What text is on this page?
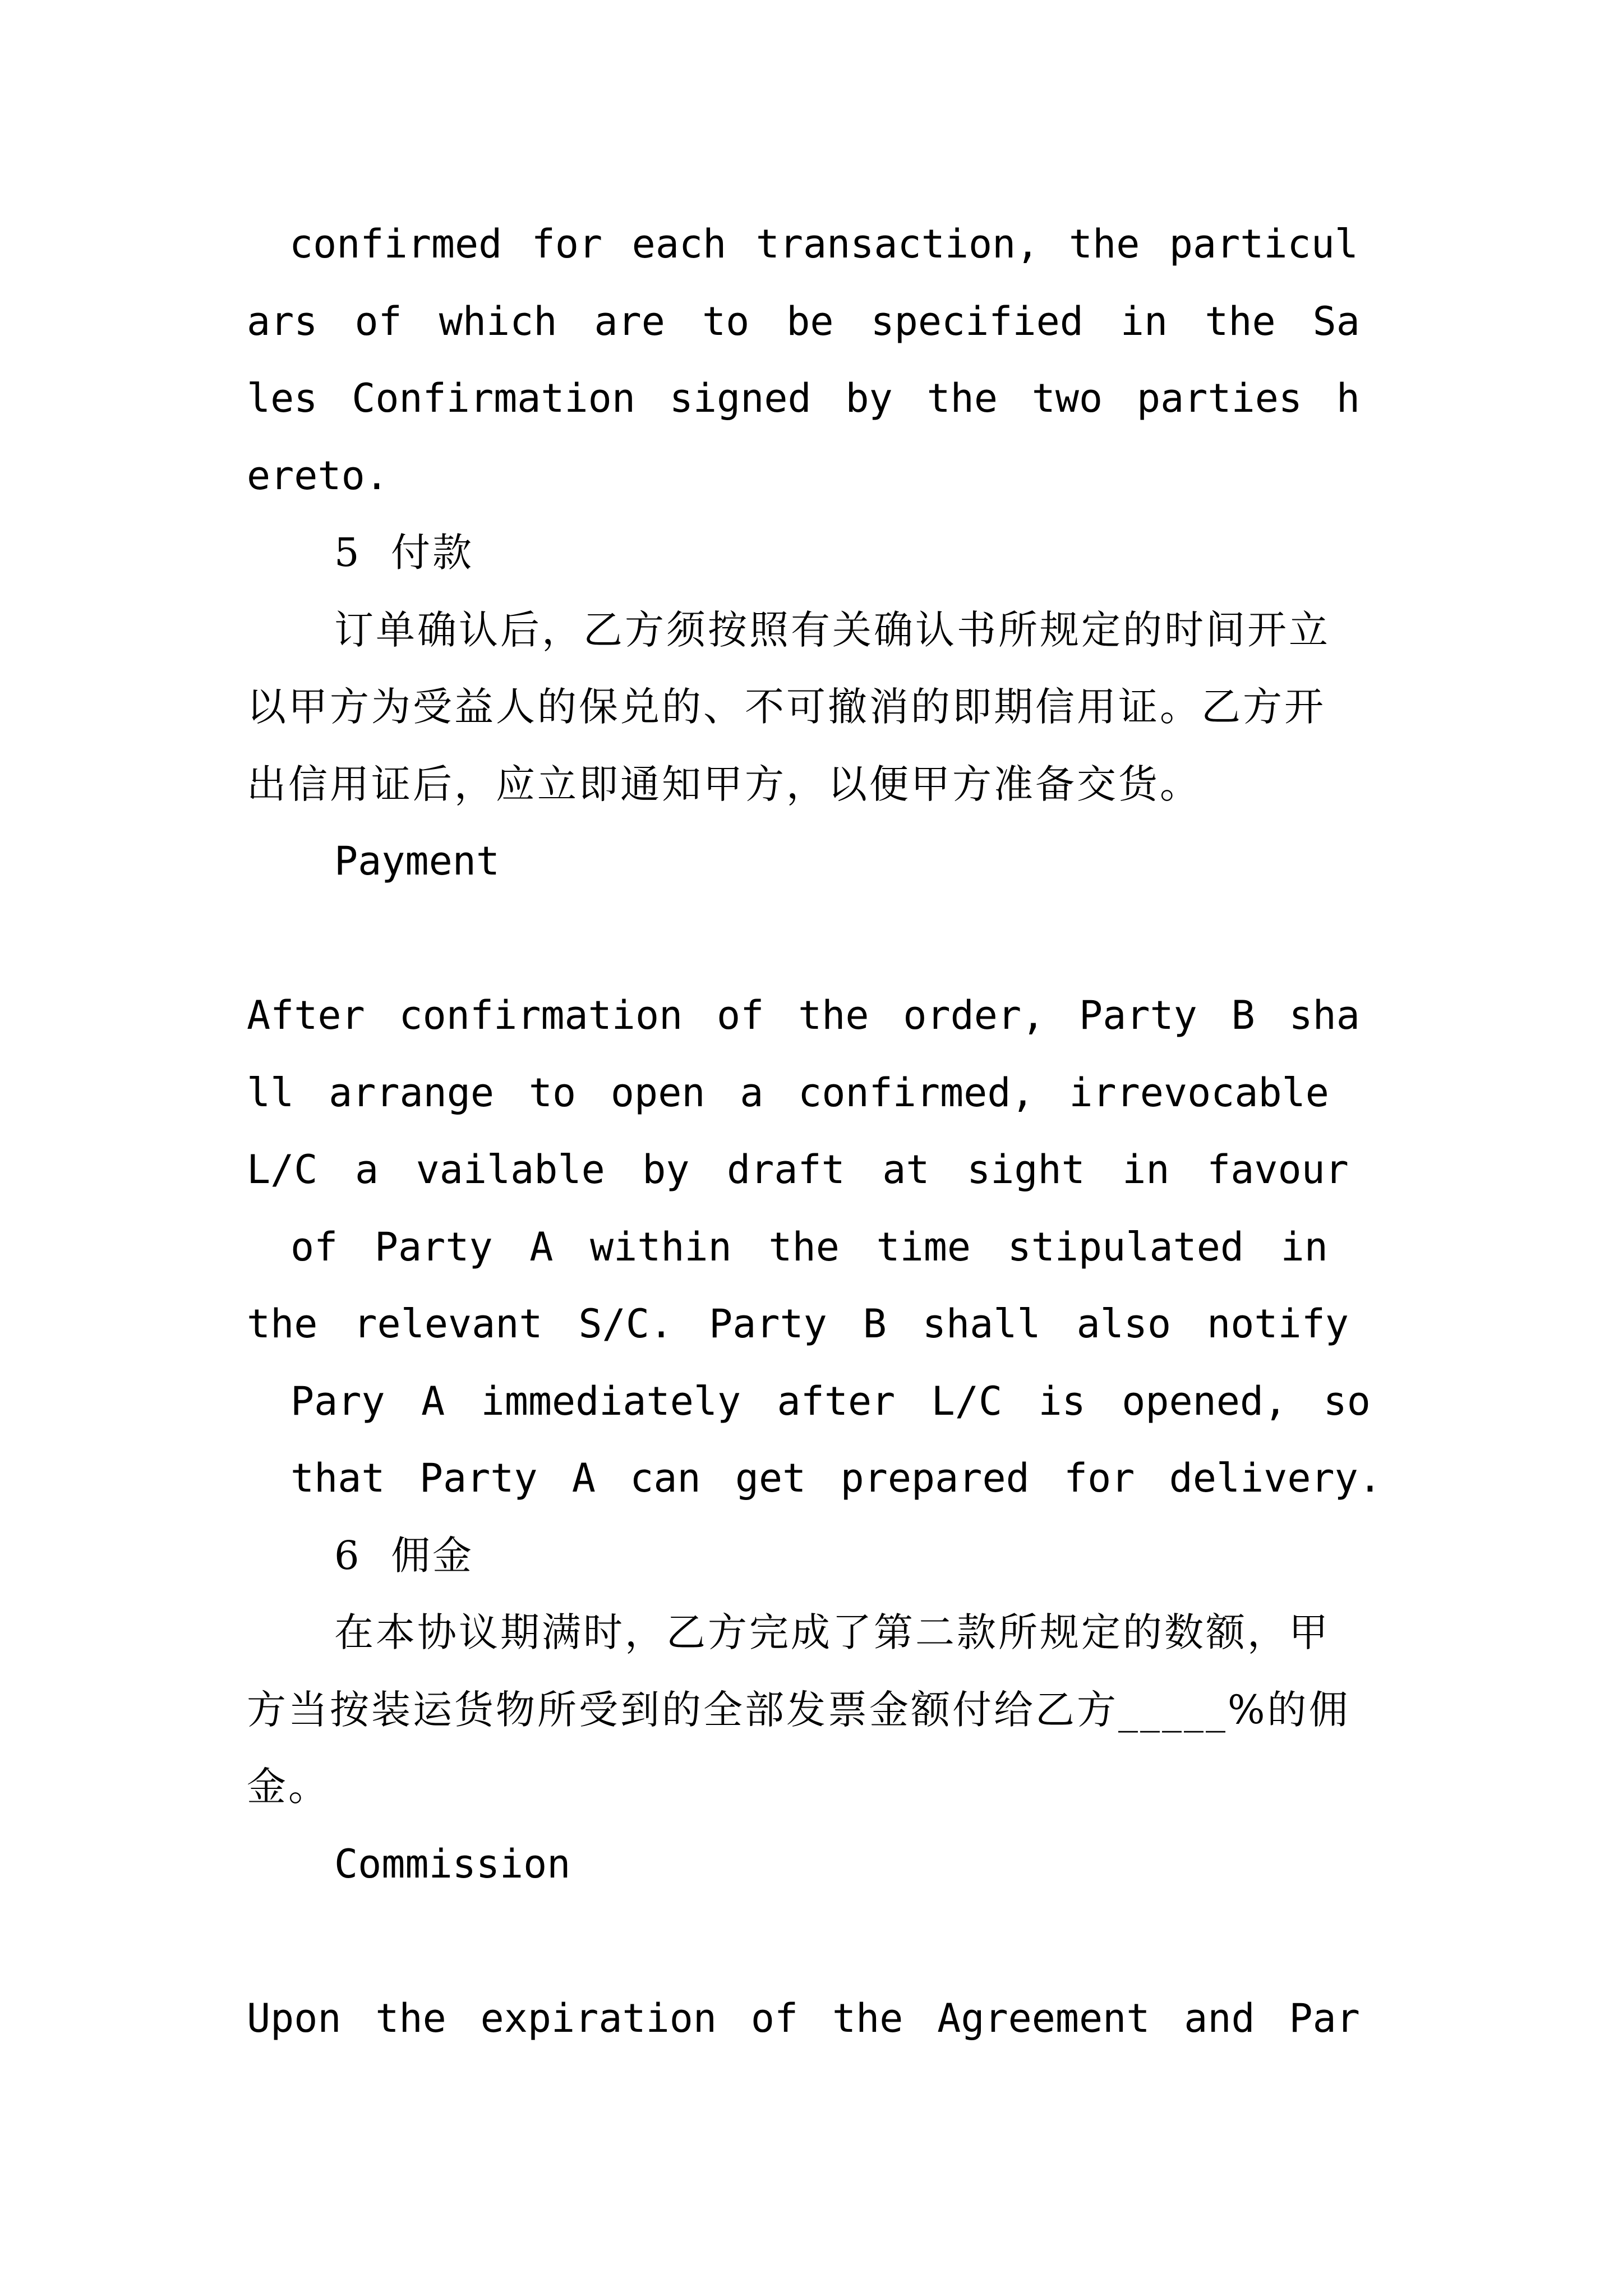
confirmed for each transaction, the particul
ars of which are to be specified in the Sa
les Confirmation signed by the two parties h
ereto.
5  付款
订单确认后，乙方须按照有关确认书所规定的时间开立
以甲方为受益人的保兑的、不可撤消的即期信用证。乙方开
出信用证后，应立即通知甲方，以便甲方准备交货。
Payment
After confirmation of the order, Party B sha
ll arrange to open a confirmed, irrevocable
L/C a vailable by draft at sight in favour
of Party A within the time stipulated in
the relevant S/C. Party B shall also notify
Pary A immediately after L/C is opened, so
that Party A can get prepared for delivery.
6  佣金
在本协议期满时，乙方完成了第二款所规定的数额，甲
方当按装运货物所受到的全部发票金额付给乙方_____%的佣
金。
Commission
Upon the expiration of the Agreement and Par
